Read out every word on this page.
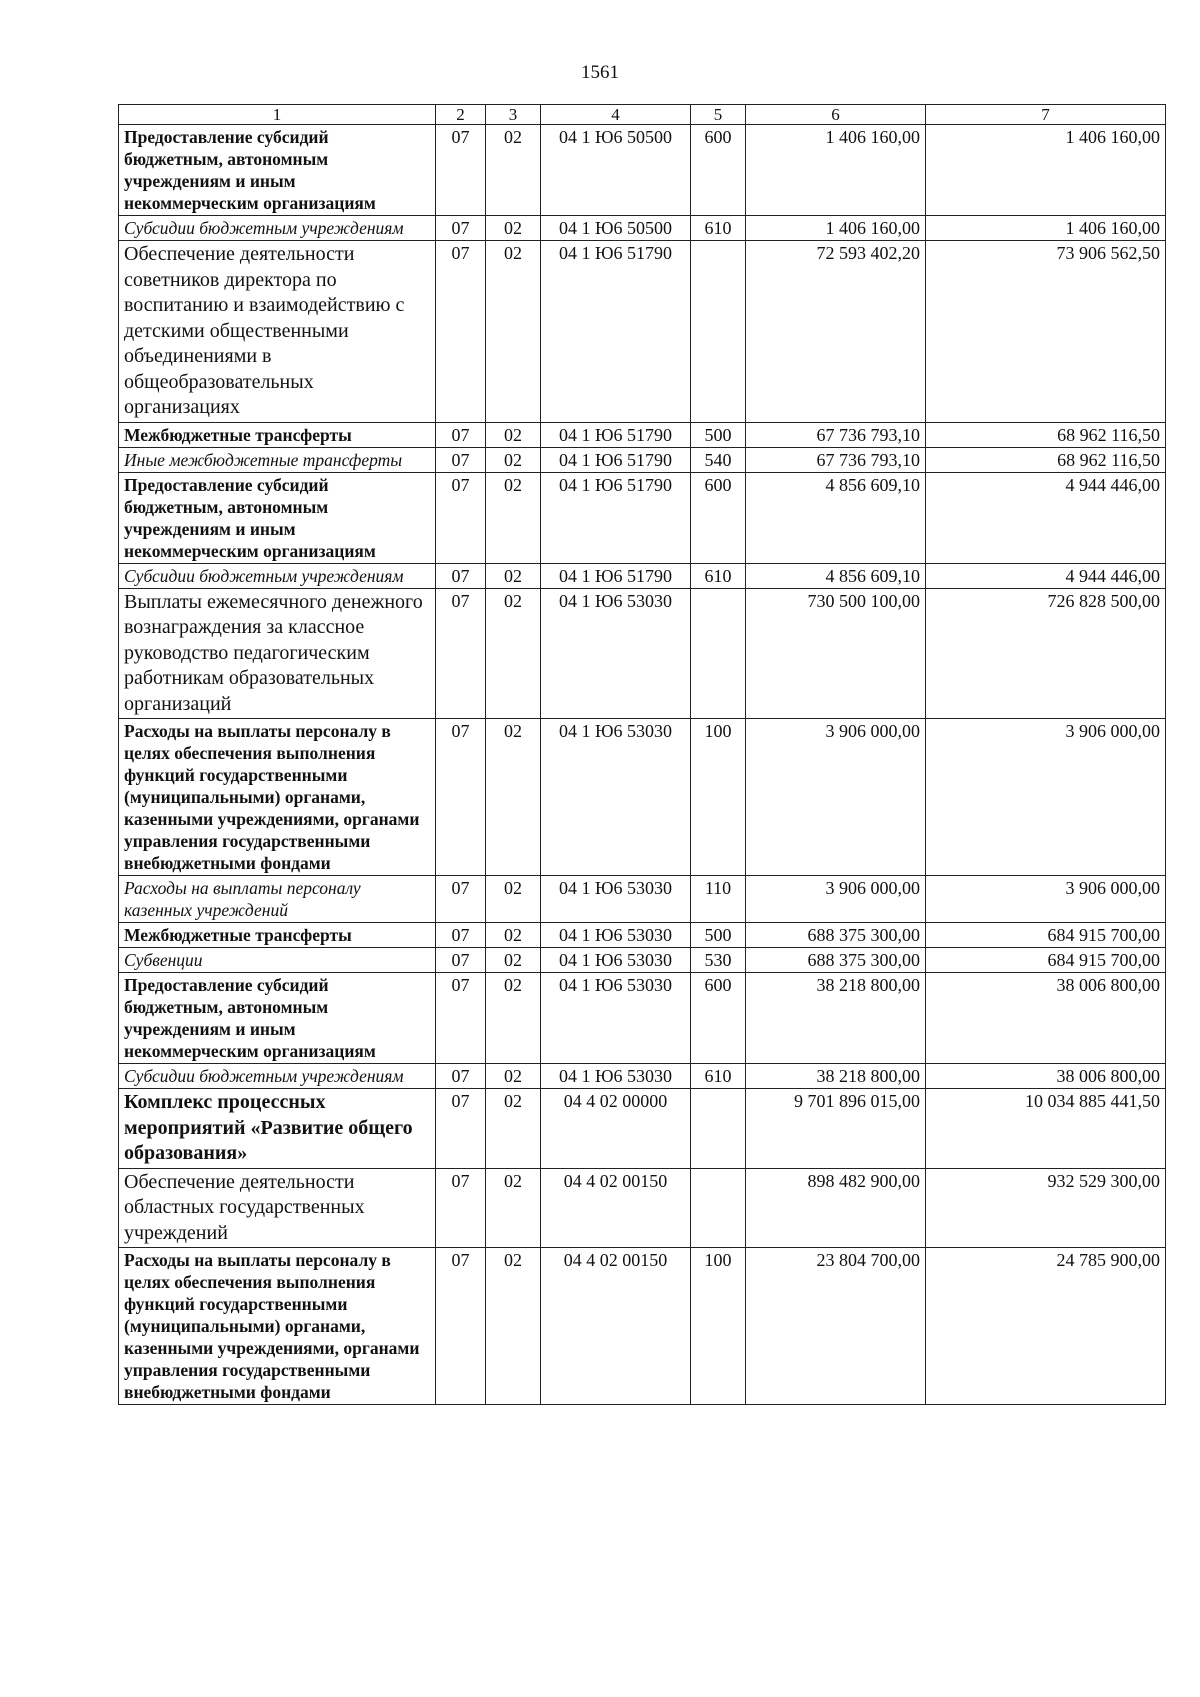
1561
1	2	3	4	5	6	7
Предоставление субсидий бюджетным, автономным учреждениям и иным некоммерческим организациям	07	02	04 1 Ю6 50500	600	1 406 160,00	1 406 160,00
Субсидии бюджетным учреждениям	07	02	04 1 Ю6 50500	610	1 406 160,00	1 406 160,00
Обеспечение деятельности советников директора по воспитанию и взаимодействию с детскими общественными объединениями в общеобразовательных организациях	07	02	04 1 Ю6 51790		72 593 402,20	73 906 562,50
Межбюджетные трансферты	07	02	04 1 Ю6 51790	500	67 736 793,10	68 962 116,50
Иные межбюджетные трансферты	07	02	04 1 Ю6 51790	540	67 736 793,10	68 962 116,50
Предоставление субсидий бюджетным, автономным учреждениям и иным некоммерческим организациям	07	02	04 1 Ю6 51790	600	4 856 609,10	4 944 446,00
Субсидии бюджетным учреждениям	07	02	04 1 Ю6 51790	610	4 856 609,10	4 944 446,00
Выплаты ежемесячного денежного вознаграждения за классное руководство педагогическим работникам образовательных организаций	07	02	04 1 Ю6 53030		730 500 100,00	726 828 500,00
Расходы на выплаты персоналу в целях обеспечения выполнения функций государственными (муниципальными) органами, казенными учреждениями, органами управления государственными внебюджетными фондами	07	02	04 1 Ю6 53030	100	3 906 000,00	3 906 000,00
Расходы на выплаты персоналу казенных учреждений	07	02	04 1 Ю6 53030	110	3 906 000,00	3 906 000,00
Межбюджетные трансферты	07	02	04 1 Ю6 53030	500	688 375 300,00	684 915 700,00
Субвенции	07	02	04 1 Ю6 53030	530	688 375 300,00	684 915 700,00
Предоставление субсидий бюджетным, автономным учреждениям и иным некоммерческим организациям	07	02	04 1 Ю6 53030	600	38 218 800,00	38 006 800,00
Субсидии бюджетным учреждениям	07	02	04 1 Ю6 53030	610	38 218 800,00	38 006 800,00
Комплекс процессных мероприятий «Развитие общего образования»	07	02	04 4 02 00000		9 701 896 015,00	10 034 885 441,50
Обеспечение деятельности областных государственных учреждений	07	02	04 4 02 00150		898 482 900,00	932 529 300,00
Расходы на выплаты персоналу в целях обеспечения выполнения функций государственными (муниципальными) органами, казенными учреждениями, органами управления государственными внебюджетными фондами	07	02	04 4 02 00150	100	23 804 700,00	24 785 900,00
